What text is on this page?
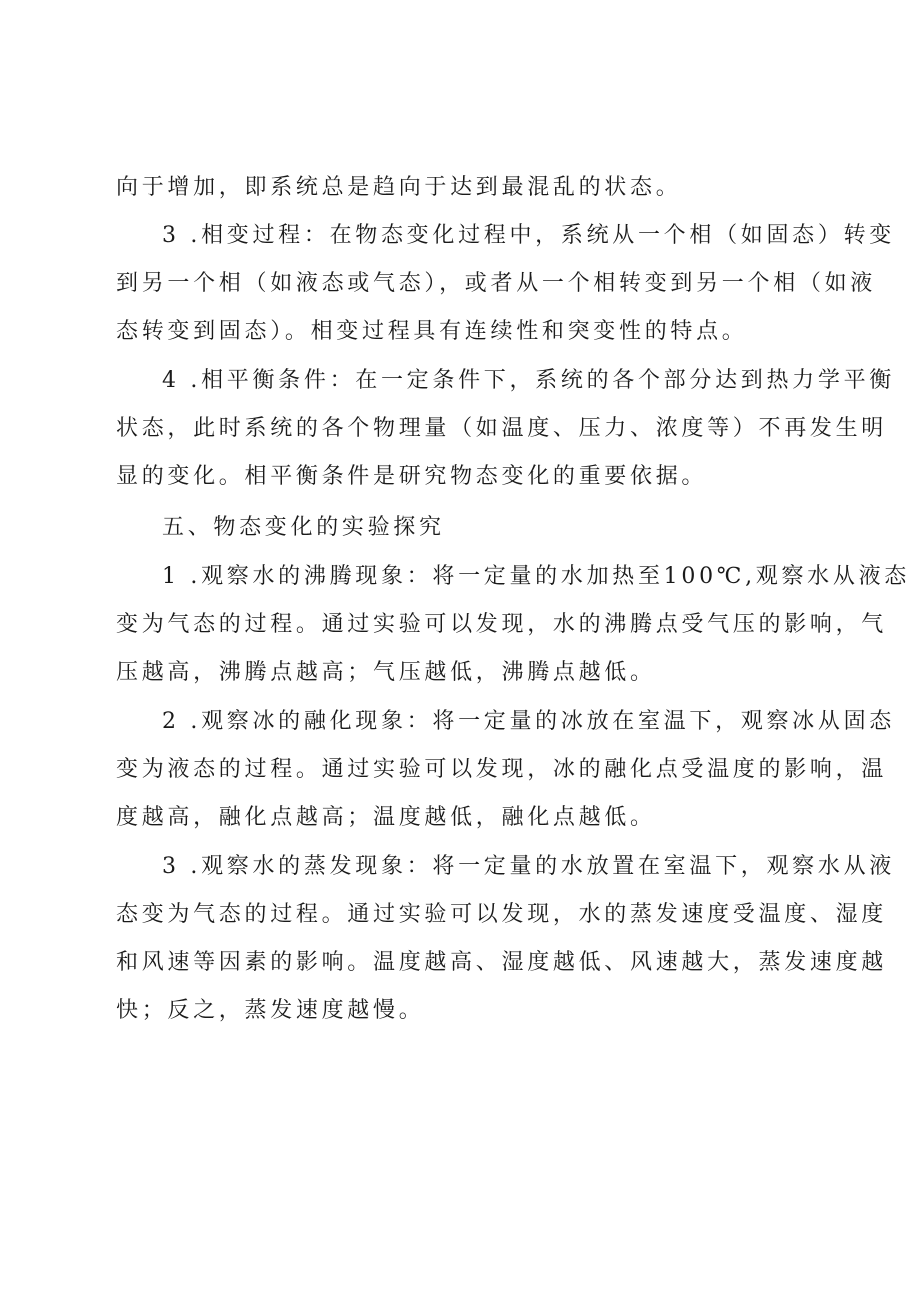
向于增加，即系统总是趋向于达到最混乱的状态。
3 .相变过程：在物态变化过程中，系统从一个相（如固态）转变
到另一个相（如液态或气态），或者从一个相转变到另一个相（如液
态转变到固态）。相变过程具有连续性和突变性的特点。
4 .相平衡条件：在一定条件下，系统的各个部分达到热力学平衡
状态，此时系统的各个物理量（如温度、压力、浓度等）不再发生明
显的变化。相平衡条件是研究物态变化的重要依据。
五、物态变化的实验探究
1 .观察水的沸腾现象：将一定量的水加热至100℃,观察水从液态
变为气态的过程。通过实验可以发现，水的沸腾点受气压的影响，气
压越高，沸腾点越高；气压越低，沸腾点越低。
2 .观察冰的融化现象：将一定量的冰放在室温下，观察冰从固态
变为液态的过程。通过实验可以发现，冰的融化点受温度的影响，温
度越高，融化点越高；温度越低，融化点越低。
3 .观察水的蒸发现象：将一定量的水放置在室温下，观察水从液
态变为气态的过程。通过实验可以发现，水的蒸发速度受温度、湿度
和风速等因素的影响。温度越高、湿度越低、风速越大，蒸发速度越
快；反之，蒸发速度越慢。
